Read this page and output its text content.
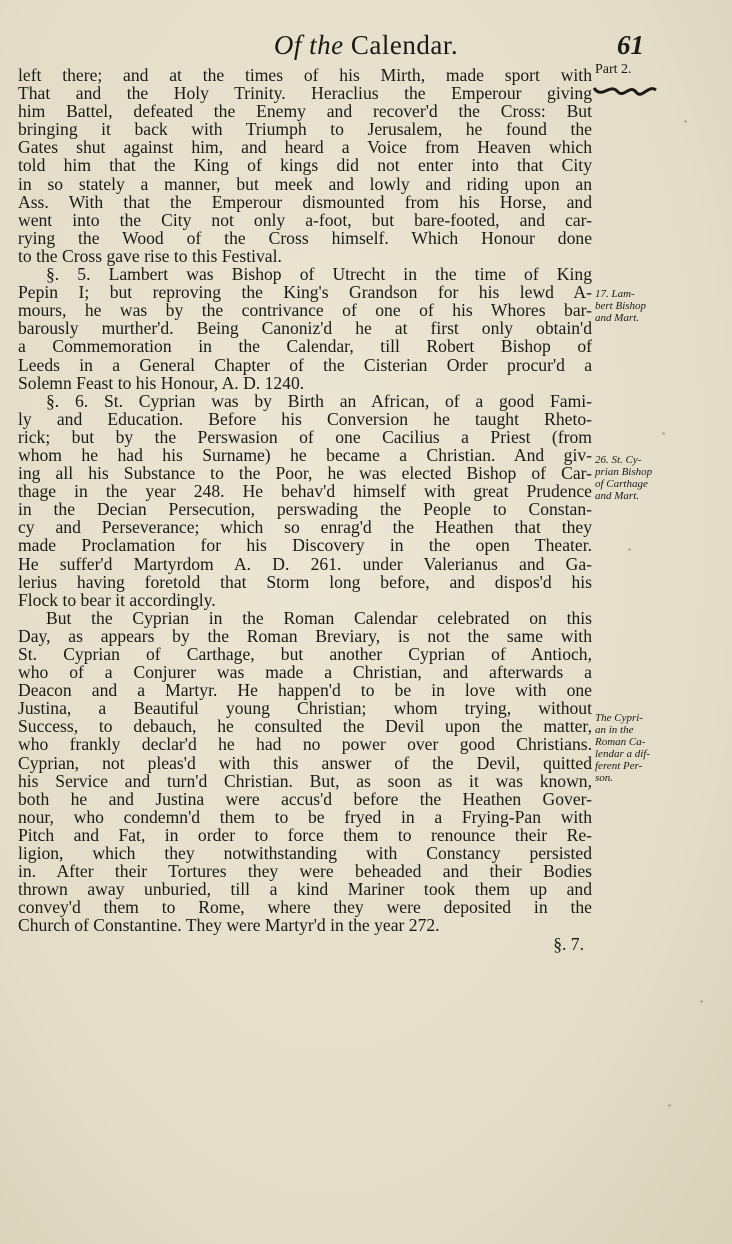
Of the Calendar.	61
left there; and at the times of his Mirth, made sport with
That and the Holy Trinity. Heraclius the Emperour giving
him Battel, defeated the Enemy and recover'd the Cross: But
bringing it back with Triumph to Jerusalem, he found the
Gates shut against him, and heard a Voice from Heaven which
told him that the King of kings did not enter into that City
in so stately a manner, but meek and lowly and riding upon an
Ass. With that the Emperour dismounted from his Horse, and
went into the City not only a-foot, but bare-footed, and car-
rying the Wood of the Cross himself. Which Honour done
to the Cross gave rise to this Festival.
§. 5. Lambert was Bishop of Utrecht in the time of King
Pepin I; but reproving the King's Grandson for his lewd A-
mours, he was by the contrivance of one of his Whores bar-
barously murther'd. Being Canoniz'd he at first only obtain'd
a Commemoration in the Calendar, till Robert Bishop of
Leeds in a General Chapter of the Cisterian Order procur'd a
Solemn Feast to his Honour, A. D. 1240.
§. 6. St. Cyprian was by Birth an African, of a good Fami-
ly and Education. Before his Conversion he taught Rheto-
rick; but by the Perswasion of one Cacilius a Priest (from
whom he had his Surname) he became a Christian. And giv-
ing all his Substance to the Poor, he was elected Bishop of Car-
thage in the year 248. He behav'd himself with great Prudence
in the Decian Persecution, perswading the People to Constan-
cy and Perseverance; which so enrag'd the Heathen that they
made Proclamation for his Discovery in the open Theater.
He suffer'd Martyrdom A. D. 261. under Valerianus and Ga-
lerius having foretold that Storm long before, and dispos'd his
Flock to bear it accordingly.
But the Cyprian in the Roman Calendar celebrated on this
Day, as appears by the Roman Breviary, is not the same with
St. Cyprian of Carthage, but another Cyprian of Antioch,
who of a Conjurer was made a Christian, and afterwards a
Deacon and a Martyr. He happen'd to be in love with one
Justina, a Beautiful young Christian; whom trying, without
Success, to debauch, he consulted the Devil upon the matter,
who frankly declar'd he had no power over good Christians.
Cyprian, not pleas'd with this answer of the Devil, quitted
his Service and turn'd Christian. But, as soon as it was known,
both he and Justina were accus'd before the Heathen Gover-
nour, who condemn'd them to be fryed in a Frying-Pan with
Pitch and Fat, in order to force them to renounce their Re-
ligion, which they notwithstanding with Constancy persisted
in. After their Tortures they were beheaded and their Bodies
thrown away unburied, till a kind Mariner took them up and
convey'd them to Rome, where they were deposited in the
Church of Constantine. They were Martyr'd in the year 272.
§. 7.
Part 2.
17. Lam-
bert Bishop
and Mart.
26. St. Cy-
prian Bishop
of Carthage
and Mart.
The Cypri-
an in the
Roman Ca-
lendar a dif-
ferent Per-
son.
